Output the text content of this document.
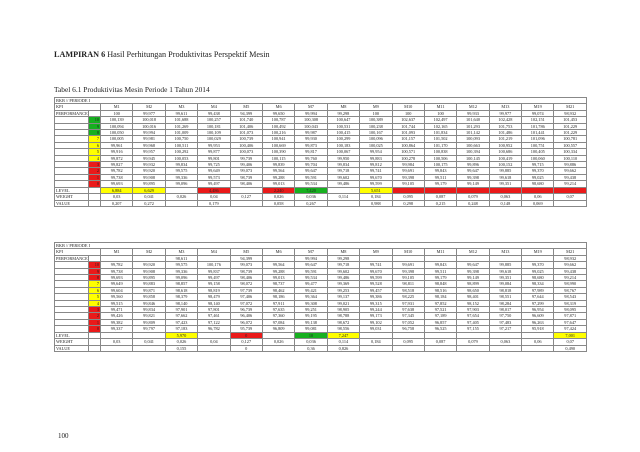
LAMPIRAN 6 Hasil Perhitungan Produktivitas Perspektif Mesin
Tabel 6.1 Produktivitas Mesin Periode 1 Tahun 2014
BKB // PERIODE I																
KPI		M1	M2	M3	M4	M5	M6	M7	M8	M9	M10	M11	M12	M13	M19	M21
PERFORMANCE		100	99,977	99,611	99,438	94,399	99,650	99,994	99,298	100	100	100	99,933	99,977	99,074	98,932
	10	100,139	100,018	101,688	100,257	101,740	100,787	100,308	100,647	100,389	102,637	102,497	101,640	102,428	102,151	101,453
	9	100,094	100,016	101,269	100,181	101,406	100,492	100,043	100,531	100,238	101,744	102,165	101,293	101,753	101,786	101,229
	8	100,050	99,994	101,009	100,109	101,073	100,216	99,987	100,415	100,167	101,093	101,834	101,142	101,486	101,441	101,229
	7	100,005	99,981	100,750	100,029	100,739	100,941	99,930	100,299	100,096	101,157	101,502	100,093	101,219	101,096	100,781
	6	99,961	99,968	100,511	99,953	100,406	100,669	99,873	100,183	100,025	100,864	101,170	100,663	100,952	100,751	100,557
	5	99,916	99,957	100,292	99,877	100,073	100,390	99,817	100,067	99,954	100,571	100,838	100,394	100,686	100,405	100,334
	4	99,872	99,945	100,053	99,801	99,739	100,115	99,760	99,950	99,883	100,278	100,506	100,145	100,419	100,060	100,110
	3	99,827	99,932	99,834	99,725	99,406	99,839	99,704	99,834	99,812	99,984	100,175	99,896	100,152	99,715	99,886
	2	99,782	99,920	99,575	99,649	99,073	99,564	99,647	99,718	99,741	99,691	99,843	99,647	99,885	99,370	99,662
	1	99,738	99,908	99,336	99,573	98,739	99,288	99,591	99,602	99,670	99,398	99,511	99,398	99,618	99,025	99,438
	0	99,693	99,895	99,096	99,497	98,406	99,013	99,534	99,486	99,599	99,105	99,179	99,149	99,351	98,680	99,214
LEVEL		6,884	6,629		4,486		2,240	7,420		5,651						
WEIGHT		0,03	0,041	0,026	0,04	0,127	0,026	0,036	0,114	0,184	0,095	0,087	0,079	0,063	0,06	0,07
VALUE		0,207	0,272		0,179		0,058	0,267		0,988	0,298	0,215	0,248	0,148	0,069	
BKB // PERIODE I																
KPI		M1	M2	M3	M4	M5	M6	M7	M8	M9	M10	M11	M12	M13	M19	M21
PERFORMANCE				98,611		94,399		99,994	99,298							98,932
	10	99,782	99,920	99,575	100,176	99,073	99,564	99,647	99,718	99,741	99,691	99,843	99,647	99,885	99,370	99,662
	9	99,738	99,908	99,336	99,837	98,739	99,288	99,591	99,602	99,670	99,398	99,511	99,398	99,618	99,025	99,438
	8	99,693	99,895	99,096	99,497	98,406	99,013	99,534	99,486	99,599	99,105	99,179	99,149	99,351	98,680	99,214
	7	99,649	99,883	98,857	99,158	98,072	98,737	99,477	99,369	99,528	98,811	98,848	98,899	99,084	98,334	98,990
	6	99,604	99,871	98,618	98,819	97,739	98,462	99,421	99,253	99,457	98,518	98,516	98,650	98,818	97,989	98,767
	5	99,560	99,858	98,379	98,479	97,406	98,186	99,364	99,137	99,386	98,225	98,184	98,401	98,551	97,644	98,543
	4	99,515	99,846	98,140	98,140	97,072	97,911	99,308	99,021	99,315	97,931	97,852	98,152	98,284	97,299	98,319
	3	99,471	99,834	97,901	97,801	96,739	97,635	99,251	98,905	99,244	97,638	97,521	97,903	98,017	96,954	98,095
	2	99,426	99,821	97,662	97,461	96,406	97,360	99,195	98,788	99,173	97,345	97,189	97,654	97,750	96,609	97,871
	1	99,382	99,809	97,423	97,122	96,072	97,084	99,138	98,672	99,102	97,052	96,857	97,405	97,483	96,263	97,647
	0	99,337	99,797	97,183	96,782	95,739	96,809	99,081	98,556	99,031	96,758	96,525	97,155	97,217	95,918	97,424
LEVEL				5,970		0		10	7,247							7,001
WEIGHT		0,03	0,041	0,026	0,04	0,127	0,026	0,036	0,114	0,184	0,095	0,087	0,079	0,063	0,06	0,07
VALUE				0,155		0		0,36	0,826							0,490
100
